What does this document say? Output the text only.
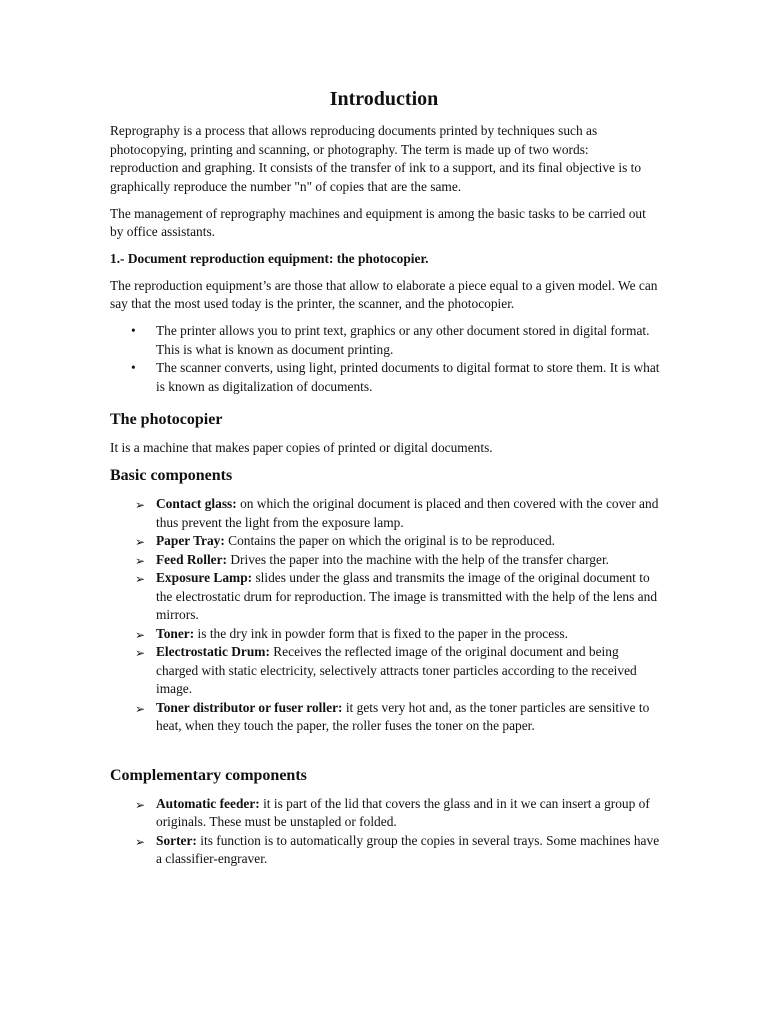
Introduction

Reprography is a process that allows reproducing documents printed by techniques such as photocopying, printing and scanning, or photography. The term is made up of two words: reproduction and graphing. It consists of the transfer of ink to a support, and its final objective is to graphically reproduce the number "n" of copies that are the same.

The management of reprography machines and equipment is among the basic tasks to be carried out by office assistants.

1.- Document reproduction equipment: the photocopier.

The reproduction equipment’s are those that allow to elaborate a piece equal to a given model. We can say that the most used today is the printer, the scanner, and the photocopier.

• The printer allows you to print text, graphics or any other document stored in digital format. This is what is known as document printing.
• The scanner converts, using light, printed documents to digital format to store them. It is what is known as digitalization of documents.
The photocopier

It is a machine that makes paper copies of printed or digital documents.

Basic components
➢ Contact glass: on which the original document is placed and then covered with the cover and thus prevent the light from the exposure lamp.
➢ Paper Tray: Contains the paper on which the original is to be reproduced.
➢ Feed Roller: Drives the paper into the machine with the help of the transfer charger.
➢ Exposure Lamp: slides under the glass and transmits the image of the original document to the electrostatic drum for reproduction. The image is transmitted with the help of the lens and mirrors.
➢ Toner: is the dry ink in powder form that is fixed to the paper in the process.
➢ Electrostatic Drum: Receives the reflected image of the original document and being charged with static electricity, selectively attracts toner particles according to the received image.
➢ Toner distributor or fuser roller: it gets very hot and, as the toner particles are sensitive to heat, when they touch the paper, the roller fuses the toner on the paper.
Complementary components
➢ Automatic feeder: it is part of the lid that covers the glass and in it we can insert a group of originals. These must be unstapled or folded.
➢ Sorter: its function is to automatically group the copies in several trays. Some machines have a classifier-engraver.
